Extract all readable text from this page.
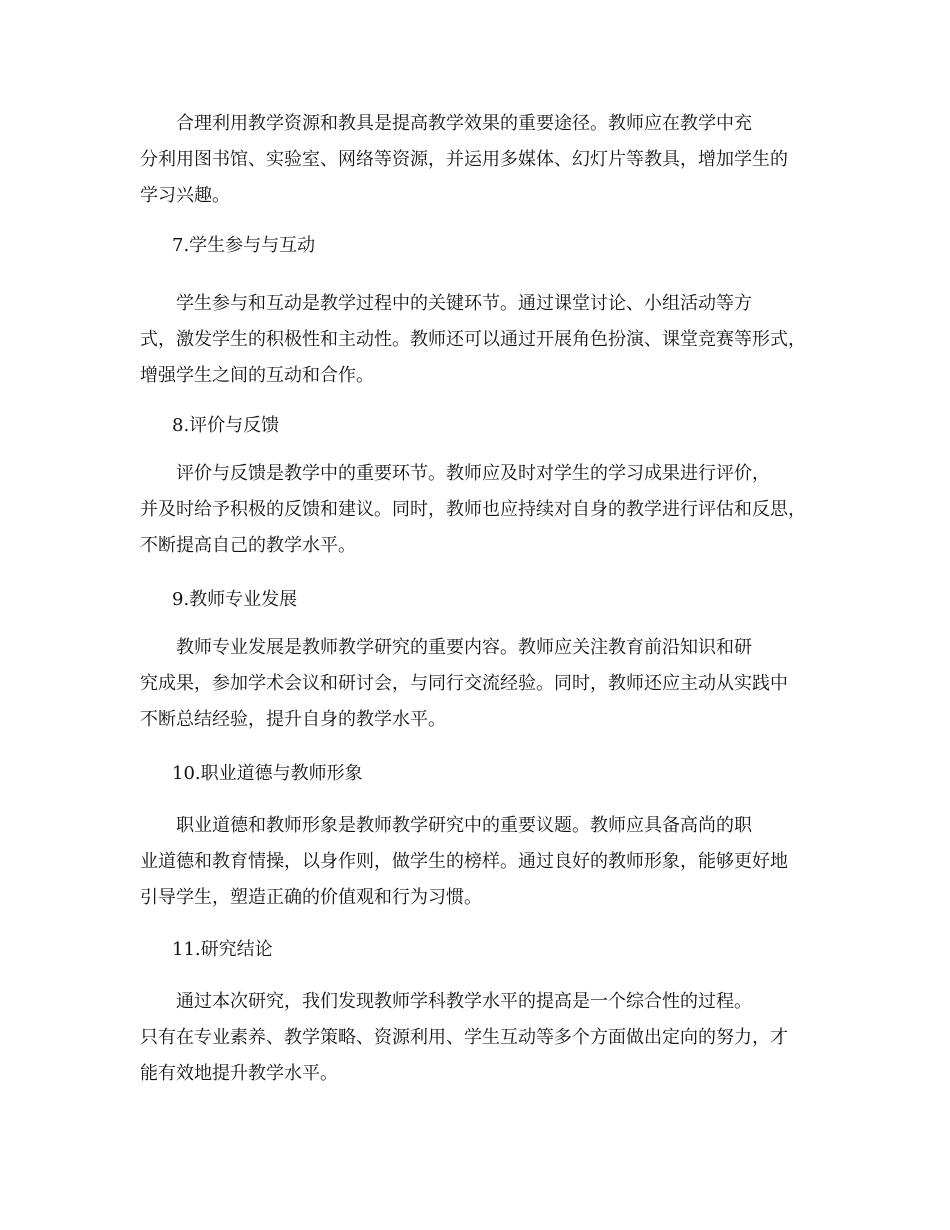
　　合理利用教学资源和教具是提高教学效果的重要途径。教师应在教学中充
分利用图书馆、实验室、网络等资源，并运用多媒体、幻灯片等教具，增加学生的
学习兴趣。

7.学生参与与互动

　　学生参与和互动是教学过程中的关键环节。通过课堂讨论、小组活动等方
式，激发学生的积极性和主动性。教师还可以通过开展角色扮演、课堂竞赛等形式，
增强学生之间的互动和合作。

8.评价与反馈

　　评价与反馈是教学中的重要环节。教师应及时对学生的学习成果进行评价，
并及时给予积极的反馈和建议。同时，教师也应持续对自身的教学进行评估和反思，
不断提高自己的教学水平。

9.教师专业发展

　　教师专业发展是教师教学研究的重要内容。教师应关注教育前沿知识和研
究成果，参加学术会议和研讨会，与同行交流经验。同时，教师还应主动从实践中
不断总结经验，提升自身的教学水平。

10.职业道德与教师形象

　　职业道德和教师形象是教师教学研究中的重要议题。教师应具备高尚的职
业道德和教育情操，以身作则，做学生的榜样。通过良好的教师形象，能够更好地
引导学生，塑造正确的价值观和行为习惯。

11.研究结论

　　通过本次研究，我们发现教师学科教学水平的提高是一个综合性的过程。
只有在专业素养、教学策略、资源利用、学生互动等多个方面做出定向的努力，才
能有效地提升教学水平。
